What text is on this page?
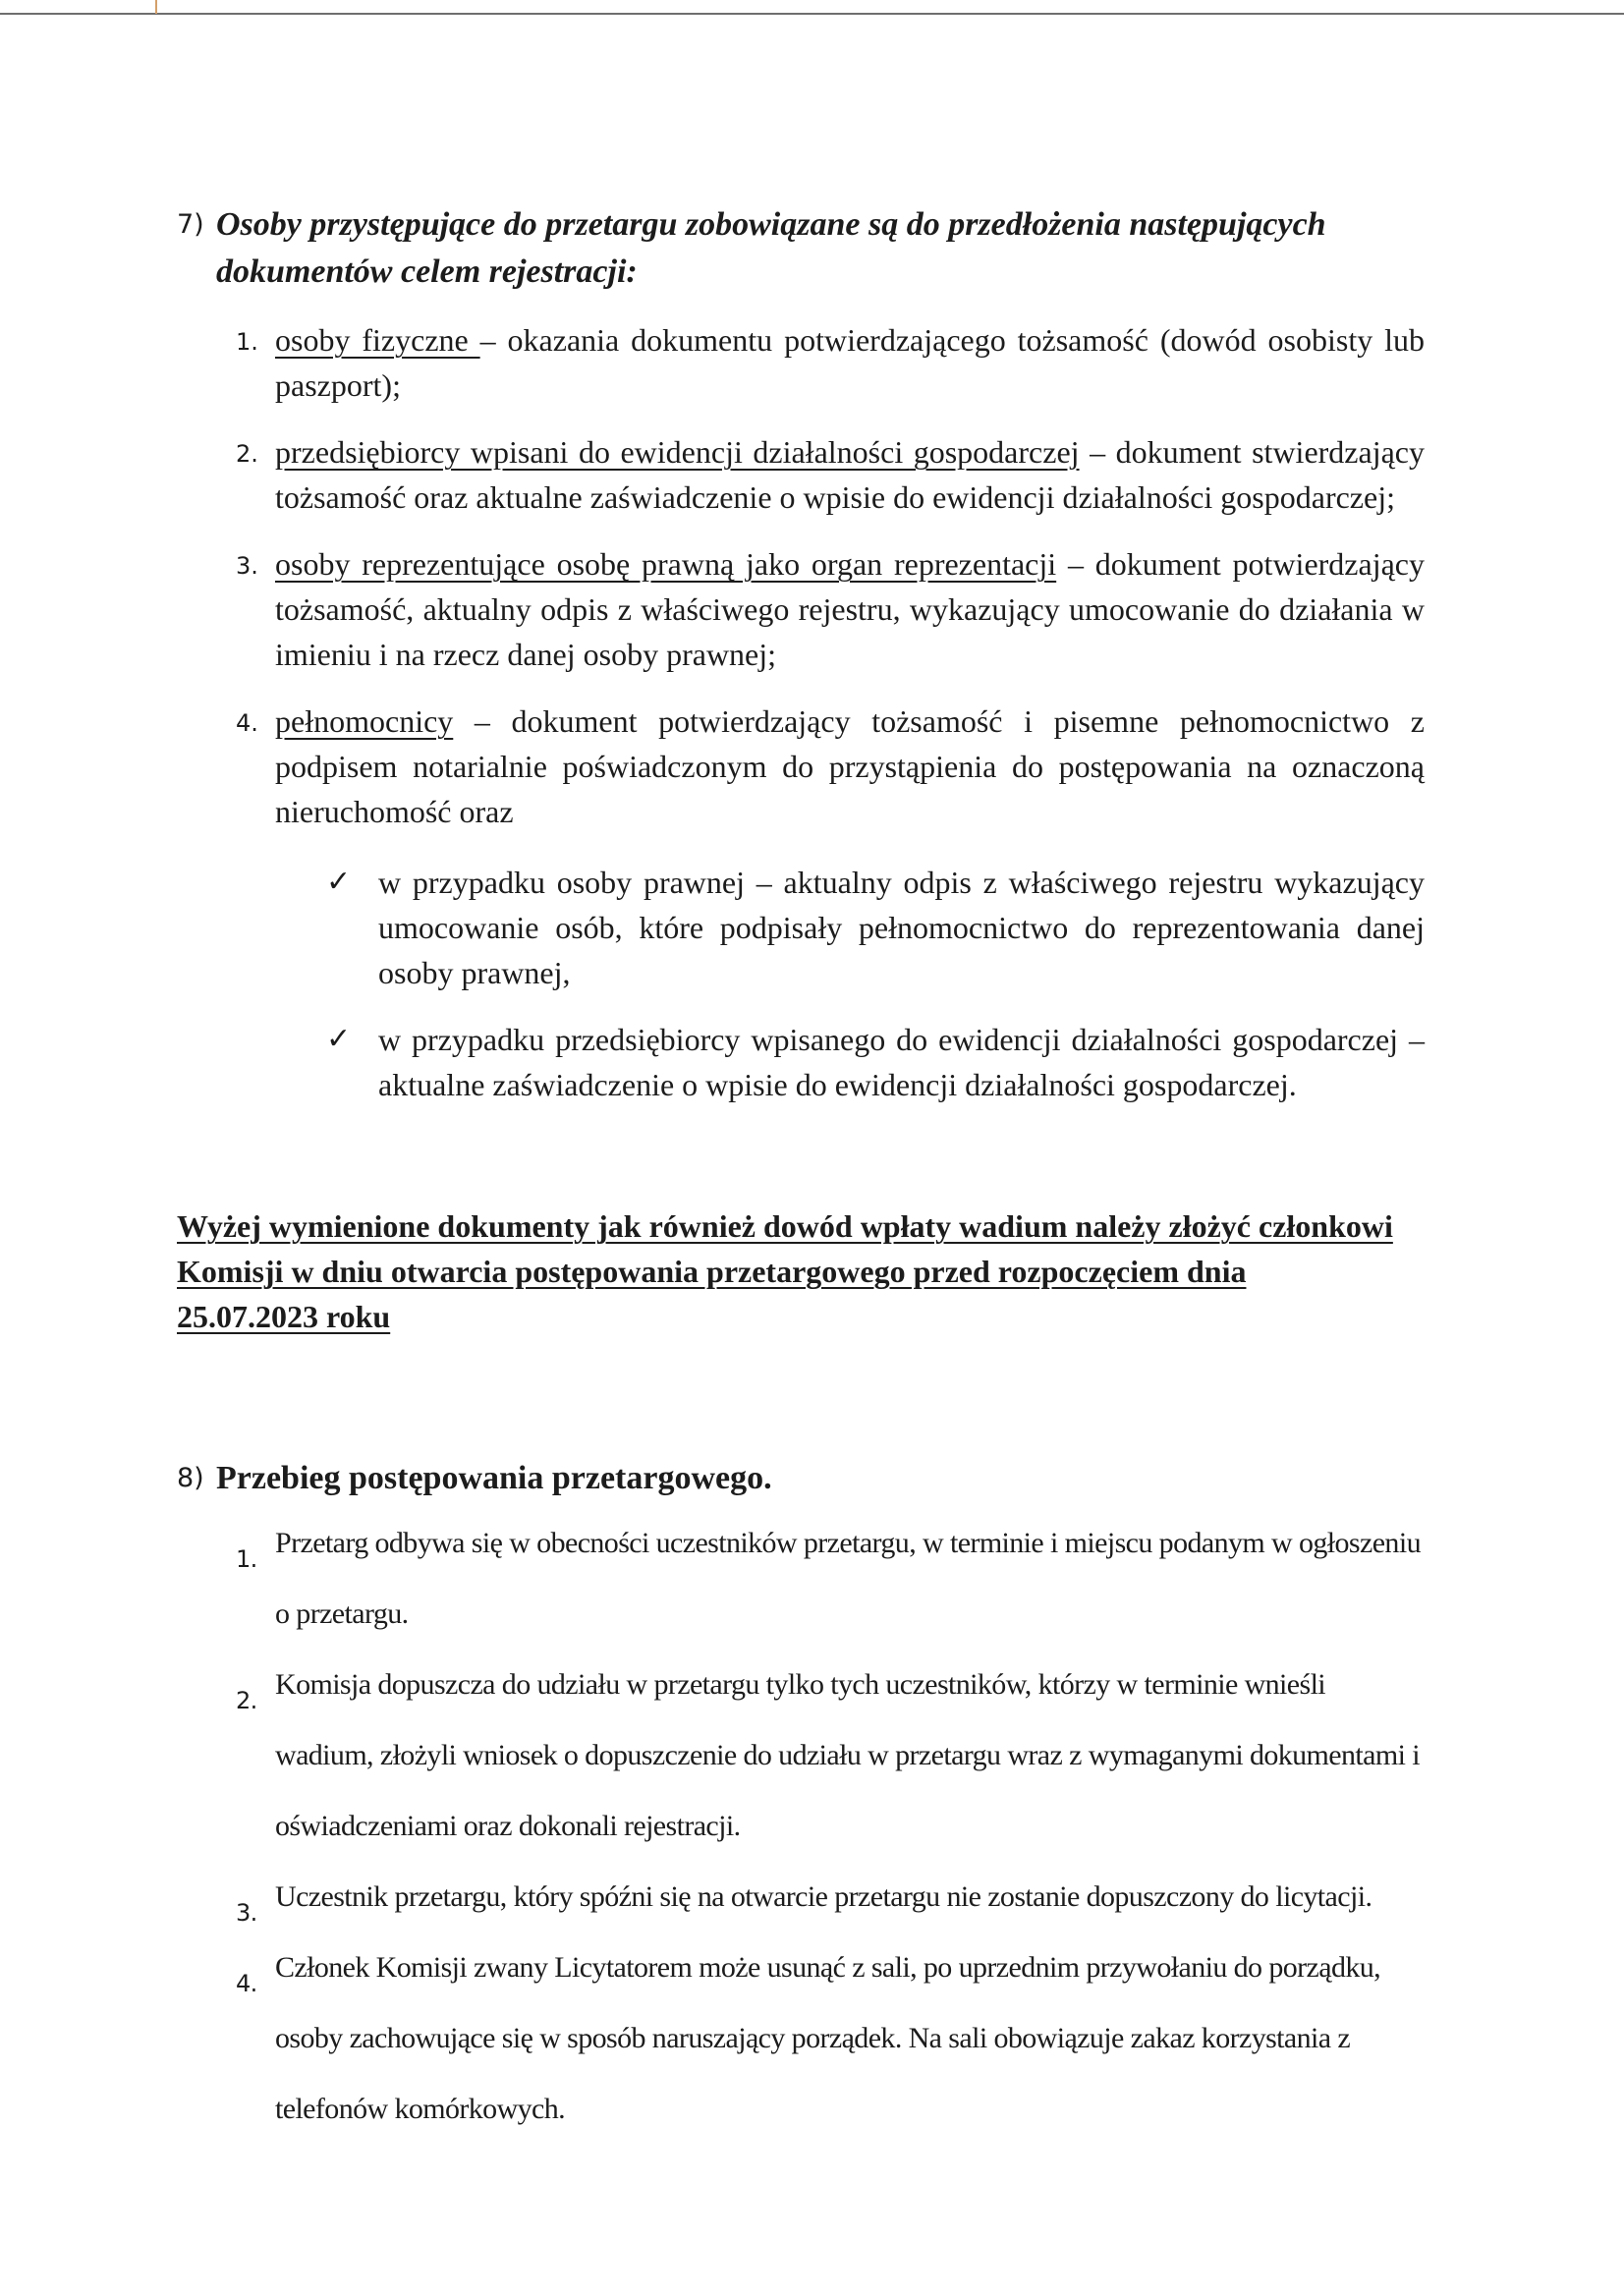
7) Osoby przystępujące do przetargu zobowiązane są do przedłożenia następujących dokumentów celem rejestracji:
1. osoby fizyczne – okazania dokumentu potwierdzającego tożsamość (dowód osobisty lub paszport);
2. przedsiębiorcy wpisani do ewidencji działalności gospodarczej – dokument stwierdzający tożsamość oraz aktualne zaświadczenie o wpisie do ewidencji działalności gospodarczej;
3. osoby reprezentujące osobę prawną jako organ reprezentacji – dokument potwierdzający tożsamość, aktualny odpis z właściwego rejestru, wykazujący umocowanie do działania w imieniu i na rzecz danej osoby prawnej;
4. pełnomocnicy – dokument potwierdzający tożsamość i pisemne pełnomocnictwo z podpisem notarialnie poświadczonym do przystąpienia do postępowania na oznaczoną nieruchomość oraz
✓ w przypadku osoby prawnej – aktualny odpis z właściwego rejestru wykazujący umocowanie osób, które podpisały pełnomocnictwo do reprezentowania danej osoby prawnej,
✓ w przypadku przedsiębiorcy wpisanego do ewidencji działalności gospodarczej – aktualne zaświadczenie o wpisie do ewidencji działalności gospodarczej.
Wyżej wymienione dokumenty jak również dowód wpłaty wadium należy złożyć członkowi Komisji w dniu otwarcia postępowania przetargowego przed rozpoczęciem dnia 25.07.2023 roku
8) Przebieg postępowania przetargowego.
1. Przetarg odbywa się w obecności uczestników przetargu, w terminie i miejscu podanym w ogłoszeniu o przetargu.
2. Komisja dopuszcza do udziału w przetargu tylko tych uczestników, którzy w terminie wnieśli wadium, złożyli wniosek o dopuszczenie do udziału w przetargu wraz z wymaganymi dokumentami i oświadczeniami oraz dokonali rejestracji.
3. Uczestnik przetargu, który spóźni się na otwarcie przetargu nie zostanie dopuszczony do licytacji.
4. Członek Komisji zwany Licytatorem może usunąć z sali, po uprzednim przywołaniu do porządku, osoby zachowujące się w sposób naruszający porządek. Na sali obowiązuje zakaz korzystania z telefonów komórkowych.
